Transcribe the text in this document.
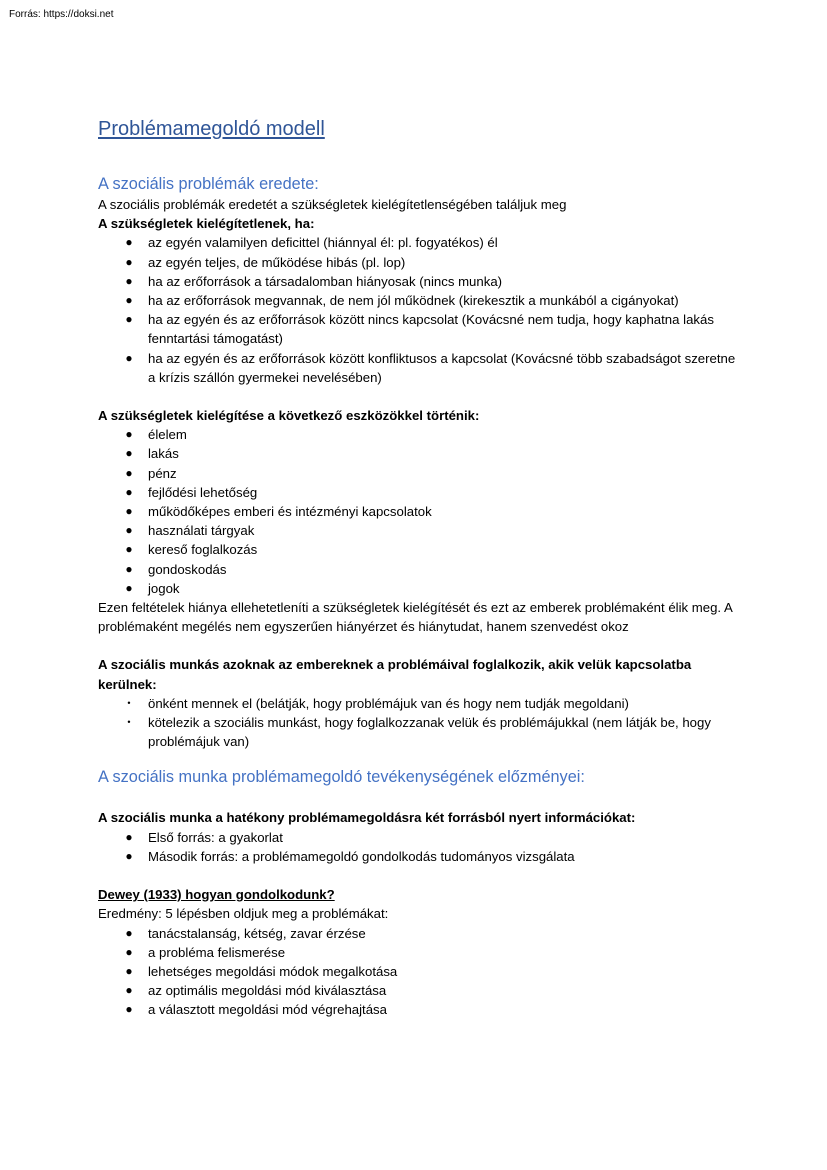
Forrás: https://doksi.net
Problémamegoldó modell
A szociális problémák eredete:

A szociális problémák eredetét a szükségletek kielégítetlenségében találjuk meg

A szükségletek kielégítetlenek, ha:

● az egyén valamilyen deficittel (hiánnyal él: pl. fogyatékos) él
● az egyén teljes, de működése hibás (pl. lop)
● ha az erőforrások a társadalomban hiányosak (nincs munka)
● ha az erőforrások megvannak, de nem jól működnek (kirekesztik a munkából a cigányokat)
● ha az egyén és az erőforrások között nincs kapcsolat (Kovácsné nem tudja, hogy kaphatna lakás fenntartási támogatást)
● ha az egyén és az erőforrások között konfliktusos a kapcsolat (Kovácsné több szabadságot szeretne a krízis szállón gyermekei nevelésében)

A szükségletek kielégítése a következő eszközökkel történik:

● élelem
● lakás
● pénz
● fejlődési lehetőség
● működőképes emberi és intézményi kapcsolatok
● használati tárgyak
● kereső foglalkozás
● gondoskodás
● jogok

Ezen feltételek hiánya ellehetetleníti a szükségletek kielégítését és ezt az emberek problémaként élik meg. A problémaként megélés nem egyszerűen hiányérzet és hiánytudat, hanem szenvedést okoz

A szociális munkás azoknak az embereknek a problémáival foglalkozik, akik velük kapcsolatba kerülnek:

•	önként mennek el (belátják, hogy problémájuk van és hogy nem tudják megoldani)
•	kötelezik a szociális munkást, hogy foglalkozzanak velük és problémájukkal (nem látják be, hogy problémájuk van)
A szociális munka problémamegoldó tevékenységének előzményei:

A szociális munka a hatékony problémamegoldásra két forrásból nyert információkat:

● Első forrás: a gyakorlat
● Második forrás: a problémamegoldó gondolkodás tudományos vizsgálata

Dewey (1933) hogyan gondolkodunk?

Eredmény: 5 lépésben oldjuk meg a problémákat:

● tanácstalanság, kétség, zavar érzése
● a probléma felismerése
● lehetséges megoldási módok megalkotása
● az optimális megoldási mód kiválasztása
● a választott megoldási mód végrehajtása
